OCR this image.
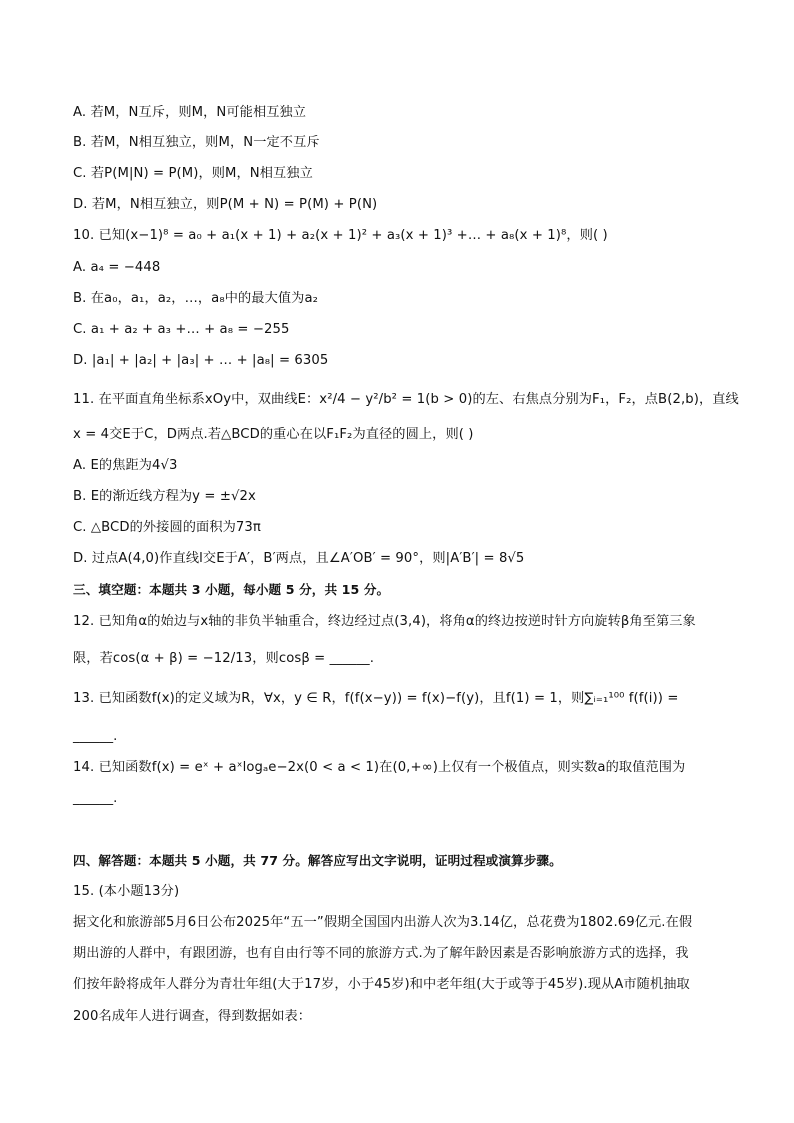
A. 若M，N互斥，则M，N可能相互独立
B. 若M，N相互独立，则M，N一定不互斥
C. 若P(M|N) = P(M)，则M，N相互独立
D. 若M，N相互独立，则P(M + N) = P(M) + P(N)
10. 已知(x−1)⁸ = a₀ + a₁(x + 1) + a₂(x + 1)² + a₃(x + 1)³ +… + a₈(x + 1)⁸，则( )
A. a₄ = −448
B. 在a₀，a₁，a₂，…，a₈中的最大值为a₂
C. a₁ + a₂ + a₃ +… + a₈ = −255
D. |a₁| + |a₂| + |a₃| + … + |a₈| = 6305
11. 在平面直角坐标系xOy中，双曲线E：x²/4 − y²/b² = 1(b > 0)的左、右焦点分别为F₁，F₂，点B(2,b)，直线
x = 4交E于C，D两点.若△BCD的重心在以F₁F₂为直径的圆上，则( )
A. E的焦距为4√3
B. E的渐近线方程为y = ±√2x
C. △BCD的外接圆的面积为73π
D. 过点A(4,0)作直线l交E于A′，B′两点，且∠A′OB′ = 90°，则|A′B′| = 8√5
三、填空题：本题共 3 小题，每小题 5 分，共 15 分。
12. 已知角α的始边与x轴的非负半轴重合，终边经过点(3,4)，将角α的终边按逆时针方向旋转β角至第三象
限，若cos(α + β) = −12/13，则cosβ = ______.
13. 已知函数f(x)的定义域为R，∀x，y ∈ R，f(f(x−y)) = f(x)−f(y)，且f(1) = 1，则∑ᵢ₌₁¹⁰⁰ f(f(i)) =
______.
14. 已知函数f(x) = eˣ + aˣlogₐe−2x(0 < a < 1)在(0,+∞)上仅有一个极值点，则实数a的取值范围为
______.
四、解答题：本题共 5 小题，共 77 分。解答应写出文字说明，证明过程或演算步骤。
15. (本小题13分)
据文化和旅游部5月6日公布2025年“五一”假期全国国内出游人次为3.14亿，总花费为1802.69亿元.在假
期出游的人群中，有跟团游，也有自由行等不同的旅游方式.为了解年龄因素是否影响旅游方式的选择，我
们按年龄将成年人群分为青壮年组(大于17岁，小于45岁)和中老年组(大于或等于45岁).现从A市随机抽取
200名成年人进行调查，得到数据如表：
